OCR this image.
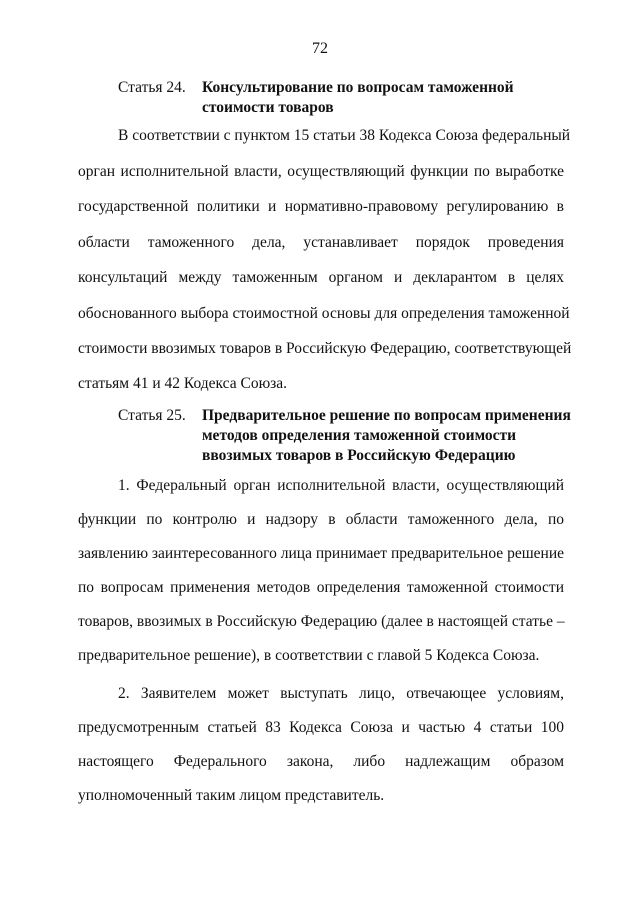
72
Статья 24. Консультирование по вопросам таможенной
стоимости товаров
В соответствии с пунктом 15 статьи 38 Кодекса Союза федеральный
орган исполнительной власти, осуществляющий функции по выработке
государственной политики и нормативно-правовому регулированию в
области таможенного дела, устанавливает порядок проведения
консультаций между таможенным органом и декларантом в целях
обоснованного выбора стоимостной основы для определения таможенной
стоимости ввозимых товаров в Российскую Федерацию, соответствующей
статьям 41 и 42 Кодекса Союза.
Статья 25. Предварительное решение по вопросам применения
методов определения таможенной стоимости
ввозимых товаров в Российскую Федерацию
1. Федеральный орган исполнительной власти, осуществляющий
функции по контролю и надзору в области таможенного дела, по
заявлению заинтересованного лица принимает предварительное решение
по вопросам применения методов определения таможенной стоимости
товаров, ввозимых в Российскую Федерацию (далее в настоящей статье –
предварительное решение), в соответствии с главой 5 Кодекса Союза.
2. Заявителем может выступать лицо, отвечающее условиям,
предусмотренным статьей 83 Кодекса Союза и частью 4 статьи 100
настоящего Федерального закона, либо надлежащим образом
уполномоченный таким лицом представитель.
